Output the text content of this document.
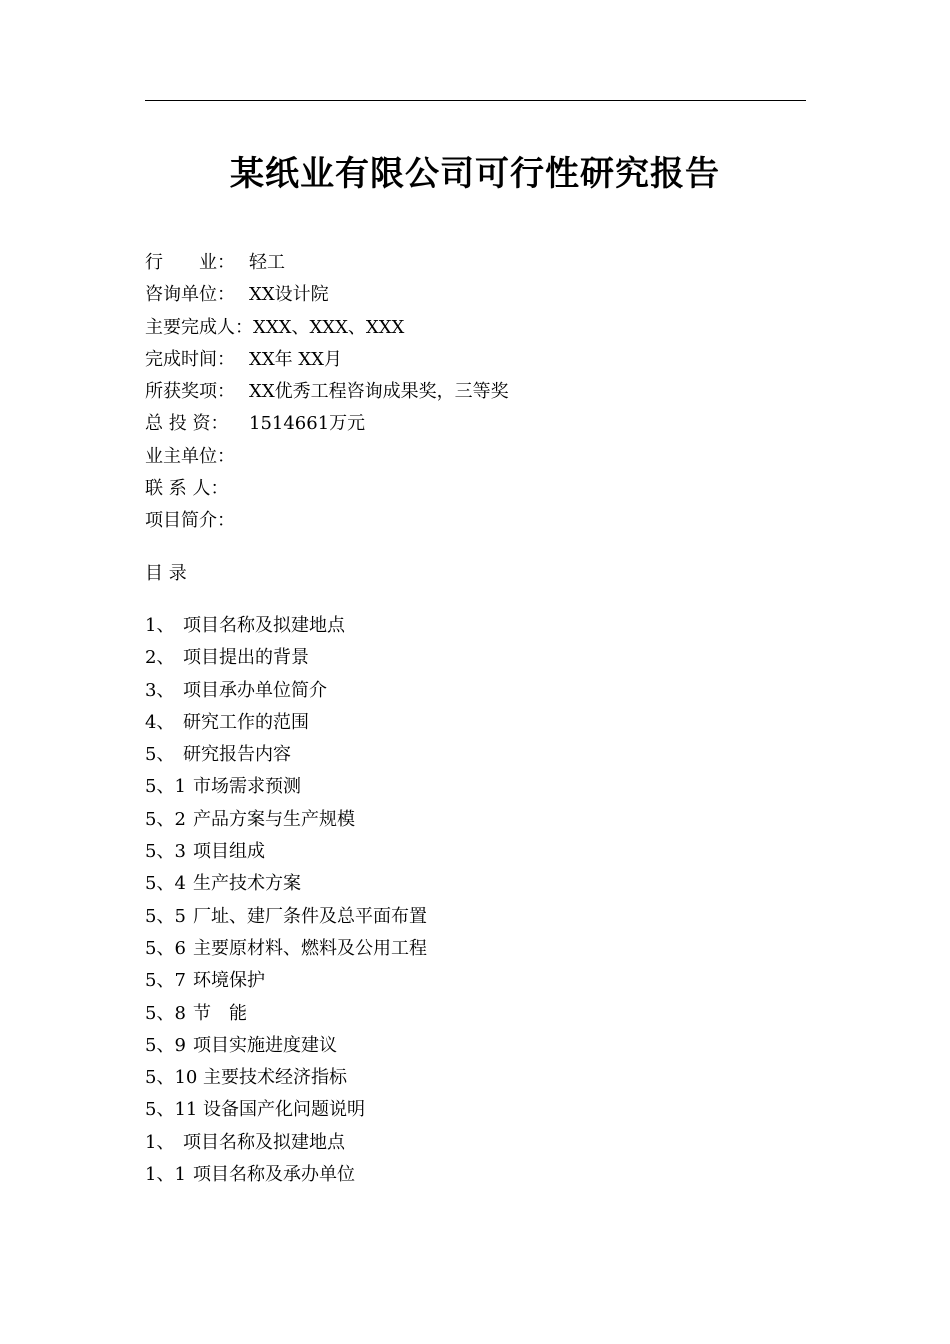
某纸业有限公司可行性研究报告
行　　业： 轻工
咨询单位： XX设计院
主要完成人：XXX、XXX、XXX
完成时间： XX年 XX月
所获奖项： XX优秀工程咨询成果奖，三等奖
总 投 资： 1514661万元
业主单位：
联 系 人：
项目简介：
目 录
1、 项目名称及拟建地点
2、 项目提出的背景
3、 项目承办单位简介
4、 研究工作的范围
5、 研究报告内容
5、1 市场需求预测
5、2 产品方案与生产规模
5、3 项目组成
5、4 生产技术方案
5、5 厂址、建厂条件及总平面布置
5、6 主要原材料、燃料及公用工程
5、7 环境保护
5、8 节　能
5、9 项目实施进度建议
5、10 主要技术经济指标
5、11 设备国产化问题说明
1、 项目名称及拟建地点
1、1 项目名称及承办单位
